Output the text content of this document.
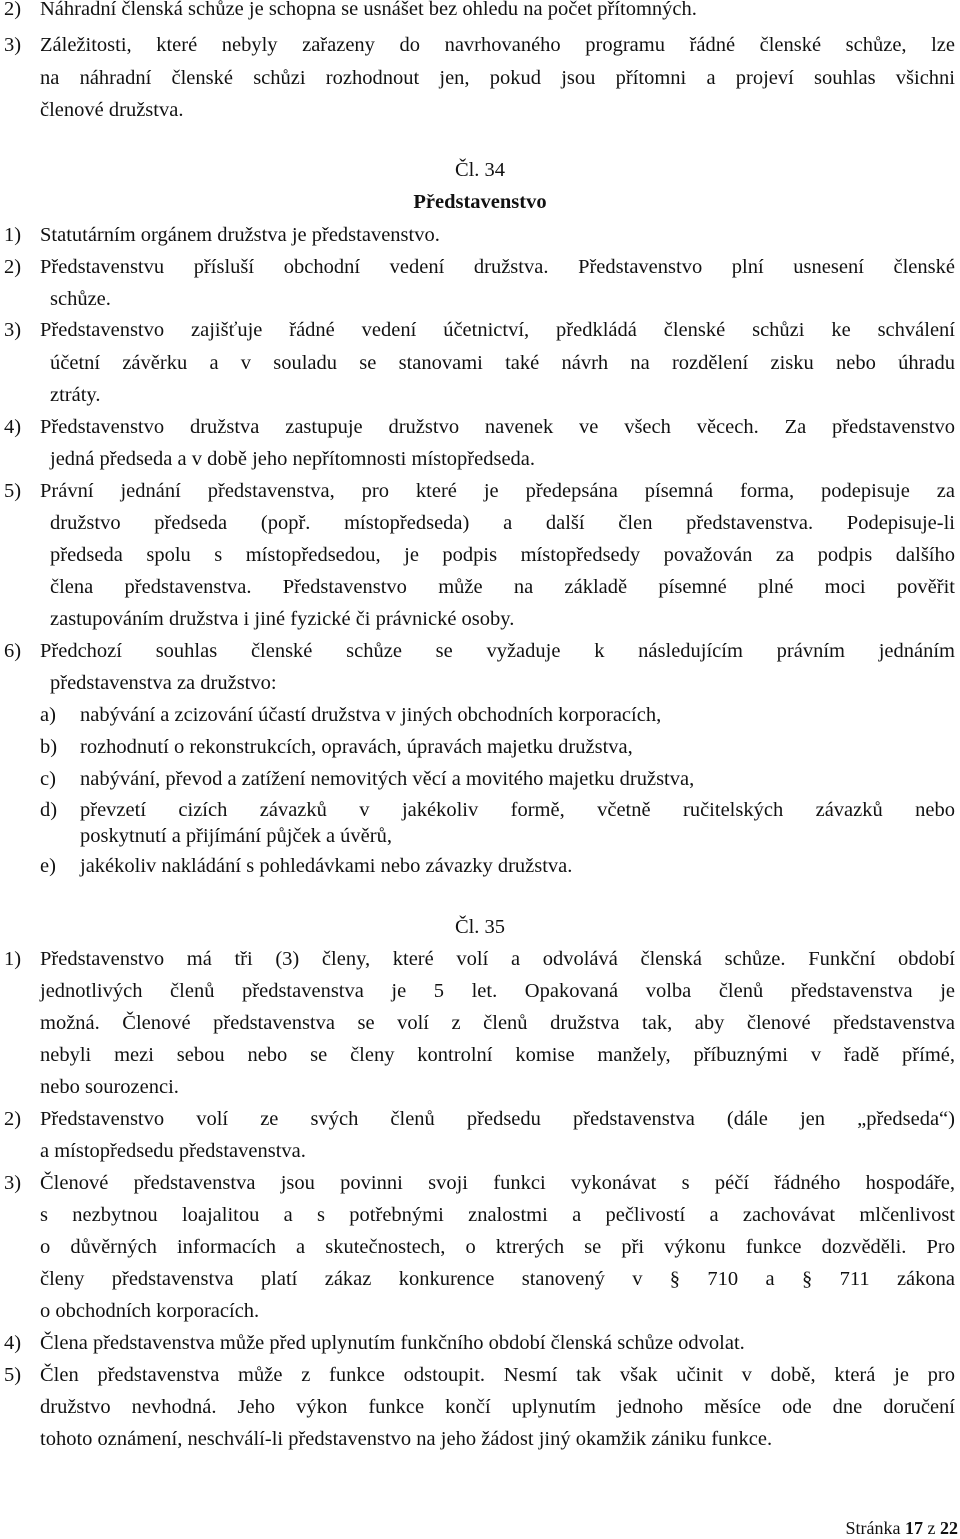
2) Náhradní členská schůze je schopna se usnášet bez ohledu na počet přítomných.
3) Záležitosti, které nebyly zařazeny do navrhovaného programu řádné členské schůze, lze
na náhradní členské schůzi rozhodnout jen, pokud jsou přítomni a projeví souhlas všichni
členové družstva.
Čl. 34
Představenstvo
1) Statutárním orgánem družstva je představenstvo.
2) Představenstvu přísluší obchodní vedení družstva. Představenstvo plní usnesení členské
schůze.
3) Představenstvo zajišťuje řádné vedení účetnictví, předkládá členské schůzi ke schválení
účetní závěrku a v souladu se stanovami také návrh na rozdělení zisku nebo úhradu
ztráty.
4) Představenstvo družstva zastupuje družstvo navenek ve všech věcech. Za představenstvo
jedná předseda a v době jeho nepřítomnosti místopředseda.
5) Právní jednání představenstva, pro které je předepsána písemná forma, podepisuje za
družstvo předseda (popř. místopředseda) a další člen představenstva. Podepisuje-li
předseda spolu s místopředsedou, je podpis místopředsedy považován za podpis dalšího
člena představenstva. Představenstvo může na základě písemné plné moci pověřit
zastupováním družstva i jiné fyzické či právnické osoby.
6) Předchozí souhlas členské schůze se vyžaduje k následujícím právním jednáním
představenstva za družstvo:
a) nabývání a zcizování účastí družstva v jiných obchodních korporacích,
b) rozhodnutí o rekonstrukcích, opravách, úpravách majetku družstva,
c) nabývání, převod a zatížení nemovitých věcí a movitého majetku družstva,
d) převzetí cizích závazků v jakékoliv formě, včetně ručitelských závazků nebo
poskytnutí a přijímání půjček a úvěrů,
e) jakékoliv nakládání s pohledávkami nebo závazky družstva.
Čl. 35
1) Představenstvo má tři (3) členy, které volí a odvolává členská schůze. Funkční období
jednotlivých členů představenstva je 5 let. Opakovaná volba členů představenstva je
možná. Členové představenstva se volí z členů družstva tak, aby členové představenstva
nebyli mezi sebou nebo se členy kontrolní komise manžely, příbuznými v řadě přímé,
nebo sourozenci.
2) Představenstvo volí ze svých členů předsedu představenstva (dále jen „předseda“)
a místopředsedu představenstva.
3) Členové představenstva jsou povinni svoji funkci vykonávat s péčí řádného hospodáře,
s nezbytnou loajalitou a s potřebnými znalostmi a pečlivostí a zachovávat mlčenlivost
o důvěrných informacích a skutečnostech, o ktrerých se při výkonu funkce dozvěděli. Pro
členy představenstva platí zákaz konkurence stanovený v § 710 a § 711 zákona
o obchodních korporacích.
4) Člena představenstva může před uplynutím funkčního období členská schůze odvolat.
5) Člen představenstva může z funkce odstoupit. Nesmí tak však učinit v době, která je pro
družstvo nevhodná. Jeho výkon funkce končí uplynutím jednoho měsíce ode dne doručení
tohoto oznámení, neschválí-li představenstvo na jeho žádost jiný okamžik zániku funkce.
Stránka 17 z 22
